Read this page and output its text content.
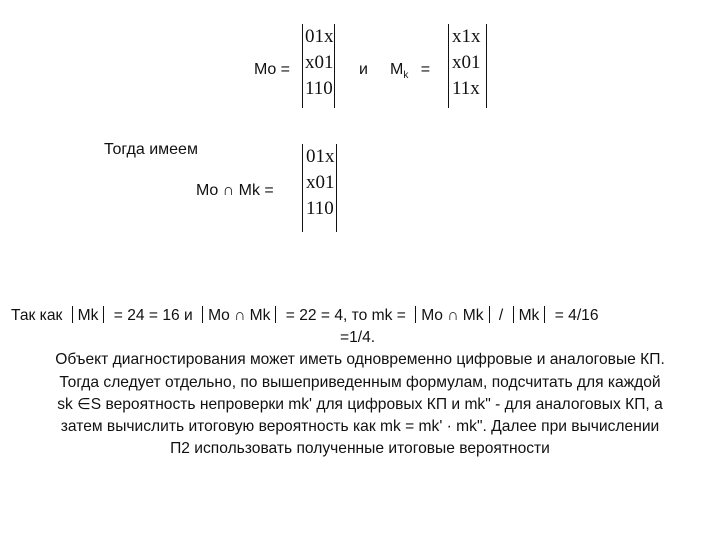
Mo =
01x
x01
110
и $M_k$ =
x1x
x01
11x
Тогда имеем
Mo ∩ Mk =
01x
x01
110
Так как Mk = 24 = 16 и Mo ∩ Mk = 22 = 4, то mk = Mo ∩ Mk / Mk = 4/16
=1/4.
Объект диагностирования может иметь одновременно цифровые и аналоговые КП.
Тогда следует отдельно, по вышеприведенным формулам, подсчитать для каждой
sk ∈S вероятность непроверки mk' для цифровых КП и mk" - для аналоговых КП, а
затем вычислить итоговую вероятность как mk = mk' · mk". Далее при вычислении
П2 использовать полученные итоговые вероятности
